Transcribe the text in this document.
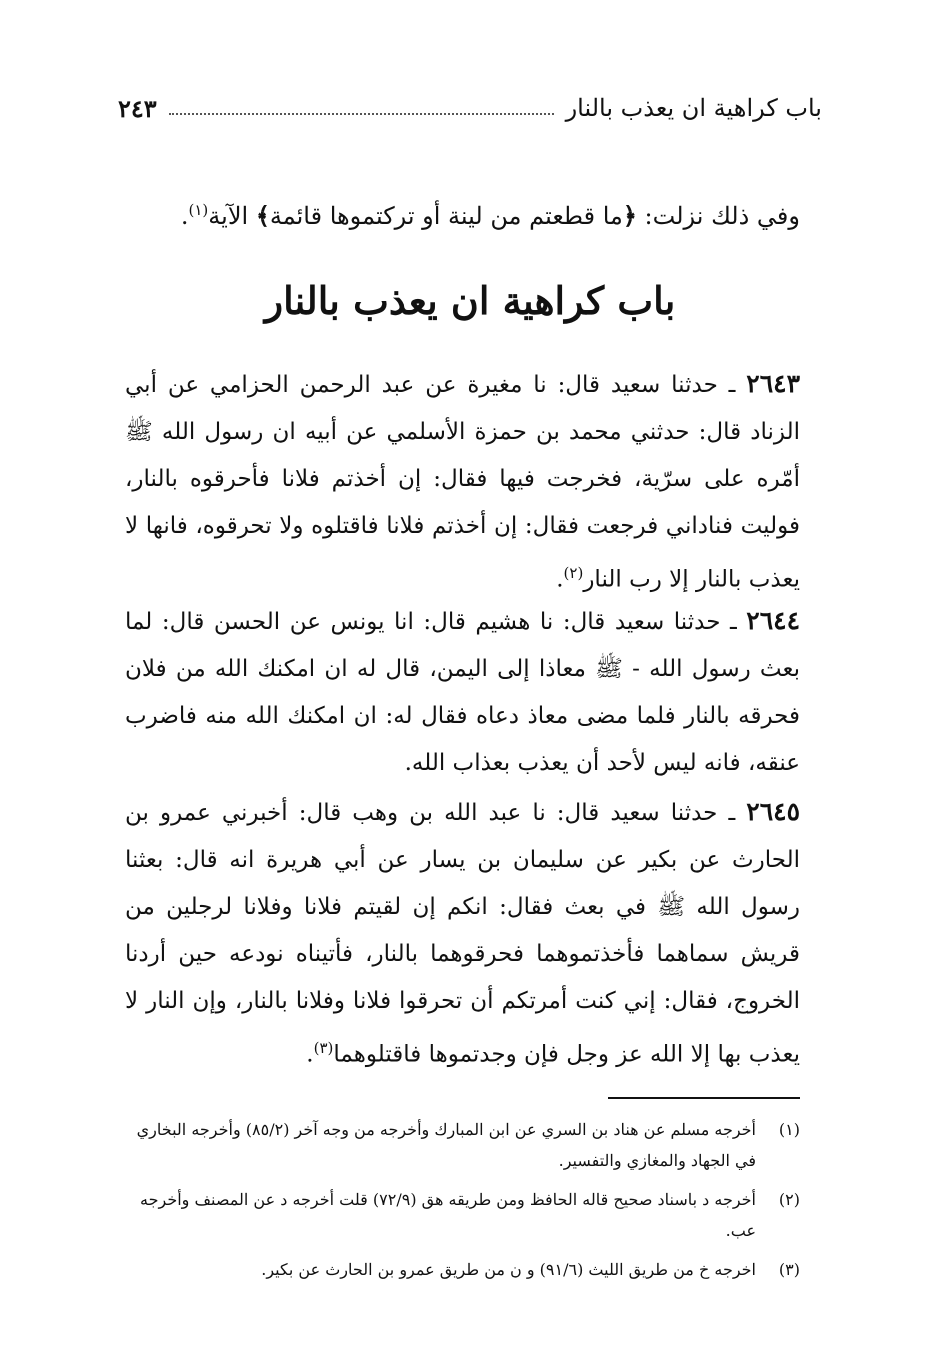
باب كراهية ان يعذب بالنار
٢٤٣
وفي ذلك نزلت: ﴿ما قطعتم من لينة أو تركتموها قائمة﴾ الآية$^{(١)}$.
باب كراهية ان يعذب بالنار
٢٦٤٣ ـ حدثنا سعيد قال: نا مغيرة عن عبد الرحمن الحزامي عن أبي الزناد قال: حدثني محمد بن حمزة الأسلمي عن أبيه ان رسول الله ﷺ أمّره على سرّية، فخرجت فيها فقال: إن أخذتم فلانا فأحرقوه بالنار، فوليت فناداني فرجعت فقال: إن أخذتم فلانا فاقتلوه ولا تحرقوه، فانها لا يعذب بالنار إلا رب النار$^{(٢)}$.
٢٦٤٤ ـ حدثنا سعيد قال: نا هشيم قال: انا يونس عن الحسن قال: لما بعث رسول الله - ﷺ معاذا إلى اليمن، قال له ان امكنك الله من فلان فحرقه بالنار فلما مضى معاذ دعاه فقال له: ان امكنك الله منه فاضرب عنقه، فانه ليس لأحد أن يعذب بعذاب الله.
٢٦٤٥ ـ حدثنا سعيد قال: نا عبد الله بن وهب قال: أخبرني عمرو بن الحارث عن بكير عن سليمان بن يسار عن أبي هريرة انه قال: بعثنا رسول الله ﷺ في بعث فقال: انكم إن لقيتم فلانا وفلانا لرجلين من قريش سماهما فأخذتموهما فحرقوهما بالنار، فأتيناه نودعه حين أردنا الخروج، فقال: إني كنت أمرتكم أن تحرقوا فلانا وفلانا بالنار، وإن النار لا يعذب بها إلا الله عز وجل فإن وجدتموها فاقتلوهما$^{(٣)}$.
(١)
أخرجه مسلم عن هناد بن السري عن ابن المبارك وأخرجه من وجه آخر (٨٥/٢) وأخرجه البخاري في الجهاد والمغازي والتفسير.
(٢)
أخرجه د باسناد صحيح قاله الحافظ ومن طريقه هق (٧٢/٩) قلت أخرجه د عن المصنف وأخرجه عب.
(٣)
اخرجه خ من طريق الليث (٩١/٦) و ن من طريق عمرو بن الحارث عن بكير.
